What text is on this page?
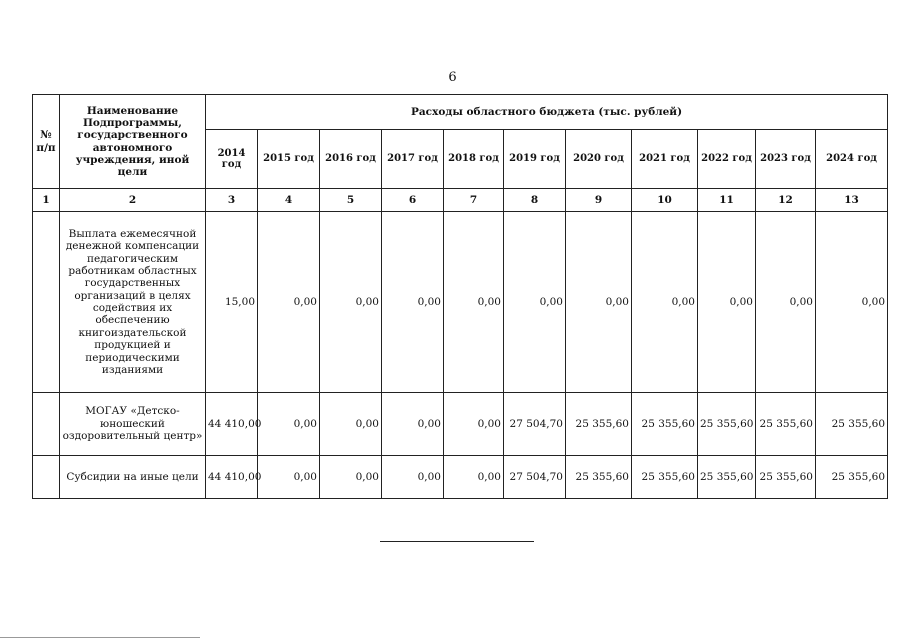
6
№ п/п	Наименование Подпрограммы, государственного автономного учреждения, иной цели	Расходы областного бюджета (тыс. рублей)										
		2014 год	2015 год	2016 год	2017 год	2018 год	2019 год	2020 год	2021 год	2022 год	2023 год	2024 год
1	2	3	4	5	6	7	8	9	10	11	12	13
	Выплата ежемесячной денежной компенсации педагогическим работникам областных государственных организаций в целях содействия их обеспечению книгоиздательской продукцией и периодическими изданиями	15,00	0,00	0,00	0,00	0,00	0,00	0,00	0,00	0,00	0,00	0,00
	МОГАУ «Детско-юношеский оздоровительный центр»	44 410,00	0,00	0,00	0,00	0,00	27 504,70	25 355,60	25 355,60	25 355,60	25 355,60	25 355,60
	Субсидии на иные цели	44 410,00	0,00	0,00	0,00	0,00	27 504,70	25 355,60	25 355,60	25 355,60	25 355,60	25 355,60
